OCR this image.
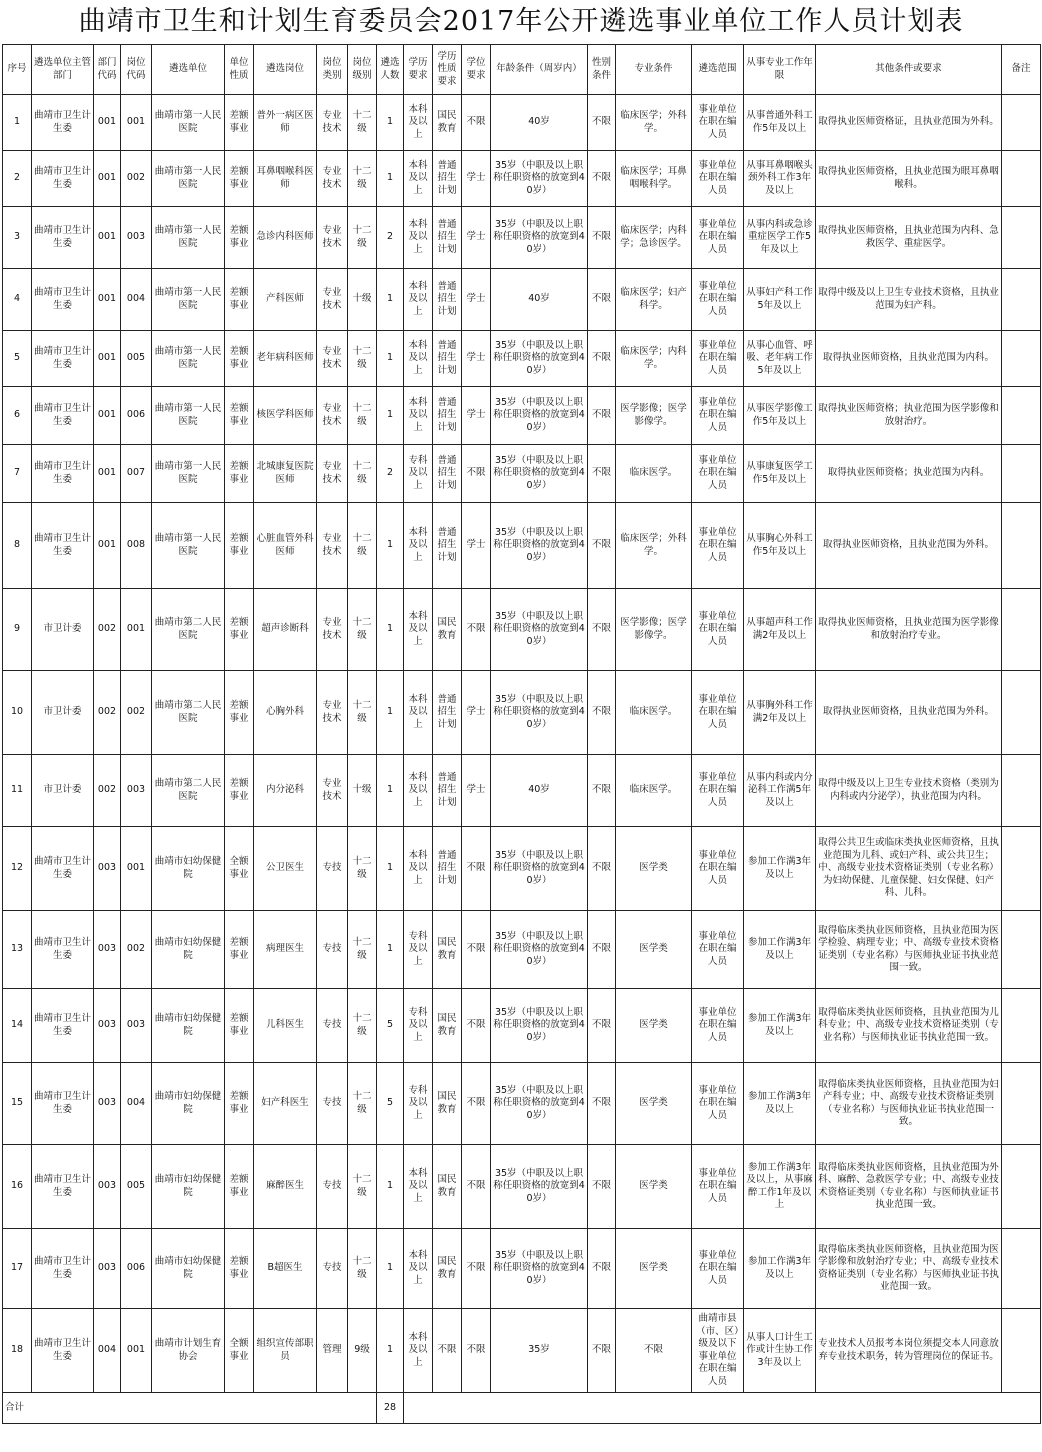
曲靖市卫生和计划生育委员会2017年公开遴选事业单位工作人员计划表
序号	遴选单位主管部门	部门代码	岗位代码	遴选单位	单位性质	遴选岗位	岗位类别	岗位级别	遴选人数	学历要求	学历性质要求	学位要求	年龄条件（周岁内）	性别条件	专业条件	遴选范围	从事专业工作年限	其他条件或要求	备注
1	曲靖市卫生计生委	001	001	曲靖市第一人民医院	差额事业	普外一病区医师	专业技术	十二级	1	本科及以上	国民教育	不限	40岁	不限	临床医学；外科学。	事业单位在职在编人员	从事普通外科工作5年及以上	取得执业医师资格证，且执业范围为外科。	
2	曲靖市卫生计生委	001	002	曲靖市第一人民医院	差额事业	耳鼻咽喉科医师	专业技术	十二级	1	本科及以上	普通招生计划	学士	35岁（中职及以上职称任职资格的放宽到40岁）	不限	临床医学；耳鼻咽喉科学。	事业单位在职在编人员	从事耳鼻咽喉头颈外科工作3年及以上	取得执业医师资格，且执业范围为眼耳鼻咽喉科。	
3	曲靖市卫生计生委	001	003	曲靖市第一人民医院	差额事业	急诊内科医师	专业技术	十二级	2	本科及以上	普通招生计划	学士	35岁（中职及以上职称任职资格的放宽到40岁）	不限	临床医学；内科学；急诊医学。	事业单位在职在编人员	从事内科或急诊重症医学工作5年及以上	取得执业医师资格，且执业范围为内科、急救医学、重症医学。	
4	曲靖市卫生计生委	001	004	曲靖市第一人民医院	差额事业	产科医师	专业技术	十级	1	本科及以上	普通招生计划	学士	40岁	不限	临床医学；妇产科学。	事业单位在职在编人员	从事妇产科工作5年及以上	取得中级及以上卫生专业技术资格，且执业范围为妇产科。	
5	曲靖市卫生计生委	001	005	曲靖市第一人民医院	差额事业	老年病科医师	专业技术	十二级	1	本科及以上	普通招生计划	学士	35岁（中职及以上职称任职资格的放宽到40岁）	不限	临床医学；内科学。	事业单位在职在编人员	从事心血管、呼吸、老年病工作5年及以上	取得执业医师资格，且执业范围为内科。	
6	曲靖市卫生计生委	001	006	曲靖市第一人民医院	差额事业	核医学科医师	专业技术	十二级	1	本科及以上	普通招生计划	学士	35岁（中职及以上职称任职资格的放宽到40岁）	不限	医学影像；医学影像学。	事业单位在职在编人员	从事医学影像工作5年及以上	取得执业医师资格；执业范围为医学影像和放射治疗。	
7	曲靖市卫生计生委	001	007	曲靖市第一人民医院	差额事业	北城康复医院医师	专业技术	十二级	2	专科及以上	普通招生计划	不限	35岁（中职及以上职称任职资格的放宽到40岁）	不限	临床医学。	事业单位在职在编人员	从事康复医学工作5年及以上	取得执业医师资格；执业范围为内科。	
8	曲靖市卫生计生委	001	008	曲靖市第一人民医院	差额事业	心脏血管外科医师	专业技术	十二级	1	本科及以上	普通招生计划	学士	35岁（中职及以上职称任职资格的放宽到40岁）	不限	临床医学；外科学。	事业单位在职在编人员	从事胸心外科工作5年及以上	取得执业医师资格，且执业范围为外科。	
9	市卫计委	002	001	曲靖市第二人民医院	差额事业	超声诊断科	专业技术	十二级	1	本科及以上	国民教育	不限	35岁（中职及以上职称任职资格的放宽到40岁）	不限	医学影像；医学影像学。	事业单位在职在编人员	从事超声科工作满2年及以上	取得执业医师资格，且执业范围为医学影像和放射治疗专业。	
10	市卫计委	002	002	曲靖市第二人民医院	差额事业	心胸外科	专业技术	十二级	1	本科及以上	普通招生计划	学士	35岁（中职及以上职称任职资格的放宽到40岁）	不限	临床医学。	事业单位在职在编人员	从事胸外科工作满2年及以上	取得执业医师资格，且执业范围为外科。	
11	市卫计委	002	003	曲靖市第二人民医院	差额事业	内分泌科	专业技术	十级	1	本科及以上	普通招生计划	学士	40岁	不限	临床医学。	事业单位在职在编人员	从事内科或内分泌科工作满5年及以上	取得中级及以上卫生专业技术资格（类别为内科或内分泌学），执业范围为内科。	
12	曲靖市卫生计生委	003	001	曲靖市妇幼保健院	全额事业	公卫医生	专技	十二级	1	本科及以上	普通招生计划	不限	35岁（中职及以上职称任职资格的放宽到40岁）	不限	医学类	事业单位在职在编人员	参加工作满3年及以上	取得公共卫生或临床类执业医师资格，且执业范围为儿科、或妇产科、或公共卫生；中、高级专业技术资格证类别（专业名称）为妇幼保健、儿童保健、妇女保健、妇产科、儿科。	
13	曲靖市卫生计生委	003	002	曲靖市妇幼保健院	差额事业	病理医生	专技	十二级	1	专科及以上	国民教育	不限	35岁（中职及以上职称任职资格的放宽到40岁）	不限	医学类	事业单位在职在编人员	参加工作满3年及以上	取得临床类执业医师资格，且执业范围为医学检验、病理专业；中、高级专业技术资格证类别（专业名称）与医师执业证书执业范围一致。	
14	曲靖市卫生计生委	003	003	曲靖市妇幼保健院	差额事业	儿科医生	专技	十二级	5	专科及以上	国民教育	不限	35岁（中职及以上职称任职资格的放宽到40岁）	不限	医学类	事业单位在职在编人员	参加工作满3年及以上	取得临床类执业医师资格，且执业范围为儿科专业；中、高级专业技术资格证类别（专业名称）与医师执业证书执业范围一致。	
15	曲靖市卫生计生委	003	004	曲靖市妇幼保健院	差额事业	妇产科医生	专技	十二级	5	专科及以上	国民教育	不限	35岁（中职及以上职称任职资格的放宽到40岁）	不限	医学类	事业单位在职在编人员	参加工作满3年及以上	取得临床类执业医师资格，且执业范围为妇产科专业；中、高级专业技术资格证类别（专业名称）与医师执业证书执业范围一致。	
16	曲靖市卫生计生委	003	005	曲靖市妇幼保健院	差额事业	麻醉医生	专技	十二级	1	本科及以上	国民教育	不限	35岁（中职及以上职称任职资格的放宽到40岁）	不限	医学类	事业单位在职在编人员	参加工作满3年及以上，从事麻醉工作1年及以上	取得临床类执业医师资格，且执业范围为外科、麻醉、急救医学专业；中、高级专业技术资格证类别（专业名称）与医师执业证书执业范围一致。	
17	曲靖市卫生计生委	003	006	曲靖市妇幼保健院	差额事业	B超医生	专技	十二级	1	本科及以上	国民教育	不限	35岁（中职及以上职称任职资格的放宽到40岁）	不限	医学类	事业单位在职在编人员	参加工作满3年及以上	取得临床类执业医师资格，且执业范围为医学影像和放射治疗专业；中、高级专业技术资格证类别（专业名称）与医师执业证书执业范围一致。	
18	曲靖市卫生计生委	004	001	曲靖市计划生育协会	全额事业	组织宣传部职员	管理	9级	1	本科及以上	不限	不限	35岁	不限	不限	曲靖市县（市、区）级及以下事业单位在职在编人员	从事人口计生工作或计生协工作3年及以上	专业技术人员报考本岗位须提交本人同意放弃专业技术职务，转为管理岗位的保证书。	
合计									28										
